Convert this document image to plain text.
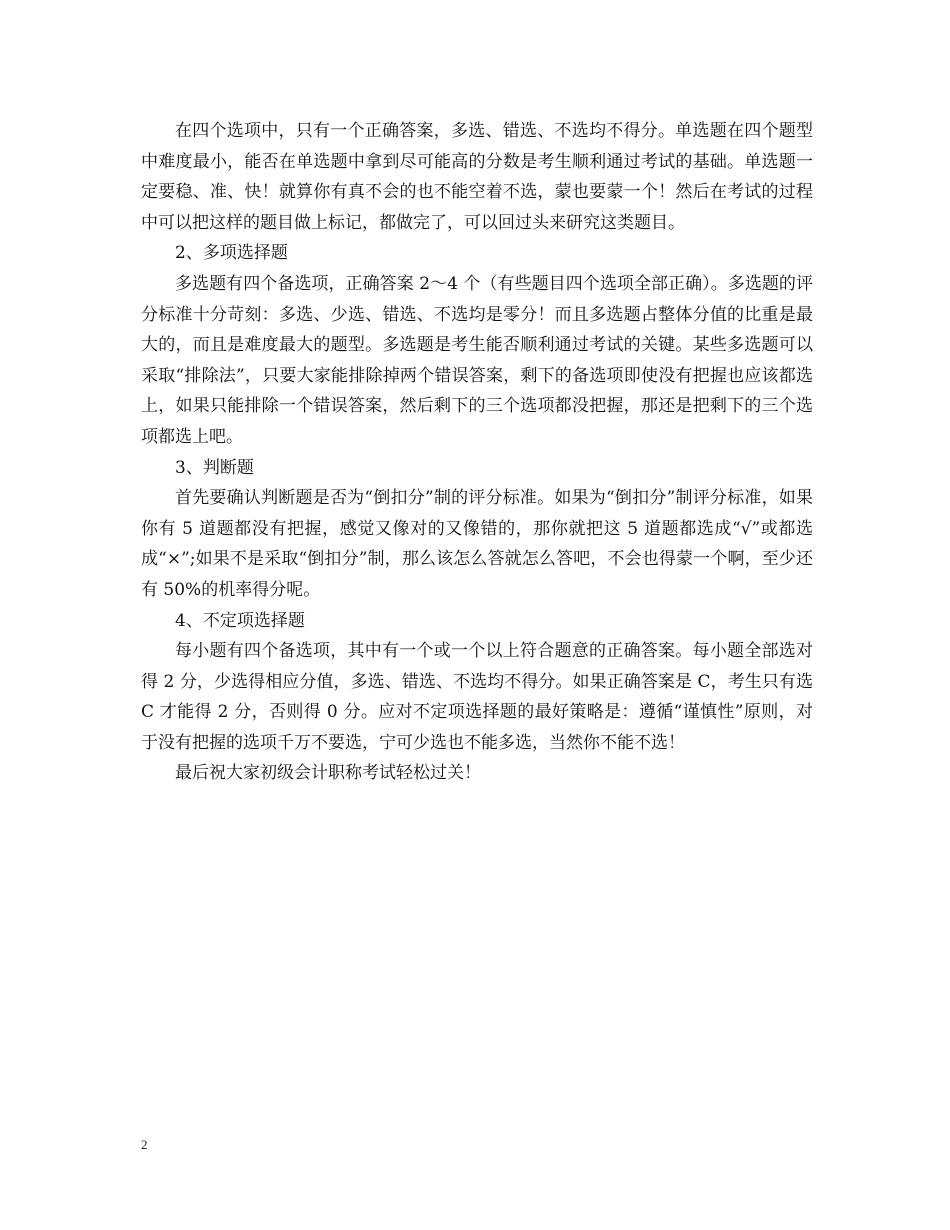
在四个选项中，只有一个正确答案，多选、错选、不选均不得分。单选题在四个题型中难度最小，能否在单选题中拿到尽可能高的分数是考生顺利通过考试的基础。单选题一定要稳、准、快！就算你有真不会的也不能空着不选，蒙也要蒙一个！然后在考试的过程中可以把这样的题目做上标记，都做完了，可以回过头来研究这类题目。

2、多项选择题

多选题有四个备选项，正确答案 2～4 个（有些题目四个选项全部正确）。多选题的评分标准十分苛刻：多选、少选、错选、不选均是零分！而且多选题占整体分值的比重是最大的，而且是难度最大的题型。多选题是考生能否顺利通过考试的关键。某些多选题可以采取“排除法”，只要大家能排除掉两个错误答案，剩下的备选项即使没有把握也应该都选上，如果只能排除一个错误答案，然后剩下的三个选项都没把握，那还是把剩下的三个选项都选上吧。

3、判断题

首先要确认判断题是否为“倒扣分”制的评分标准。如果为“倒扣分”制评分标准，如果你有 5 道题都没有把握，感觉又像对的又像错的，那你就把这 5 道题都选成“√”或都选成“×”;如果不是采取“倒扣分”制，那么该怎么答就怎么答吧，不会也得蒙一个啊，至少还有 50%的机率得分呢。

4、不定项选择题

每小题有四个备选项，其中有一个或一个以上符合题意的正确答案。每小题全部选对得 2 分，少选得相应分值，多选、错选、不选均不得分。如果正确答案是 C，考生只有选 C 才能得 2 分，否则得 0 分。应对不定项选择题的最好策略是：遵循“谨慎性”原则，对于没有把握的选项千万不要选，宁可少选也不能多选，当然你不能不选！

最后祝大家初级会计职称考试轻松过关！

2
